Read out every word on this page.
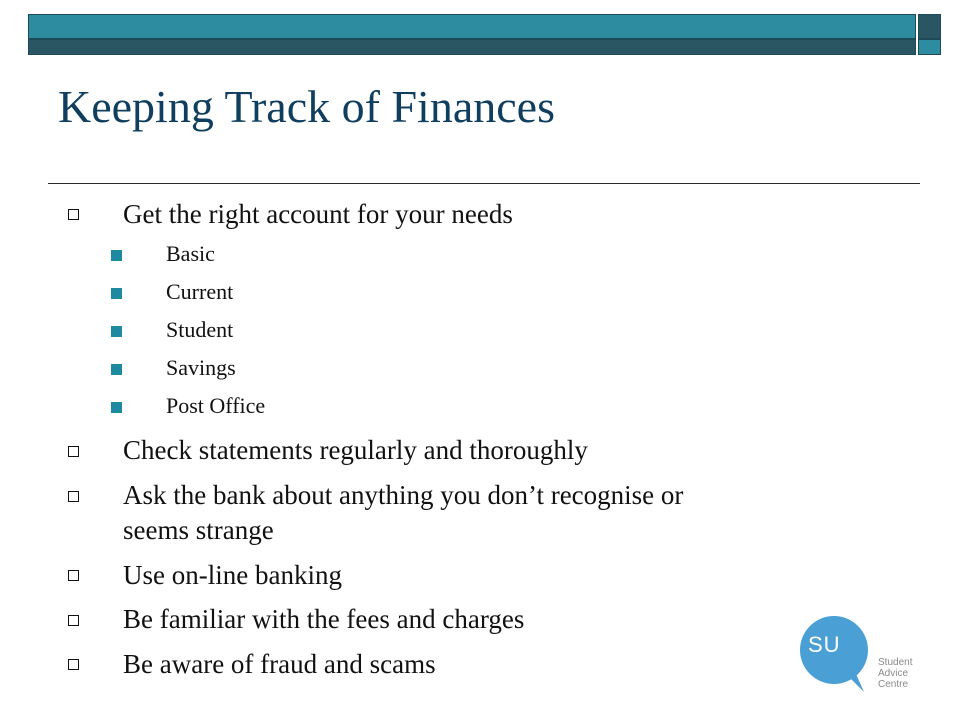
Keeping Track of Finances
Get the right account for your needs
Basic
Current
Student
Savings
Post Office
Check statements regularly and thoroughly
Ask the bank about anything you don’t recognise or
seems strange
Use on-line banking
Be familiar with the fees and charges
Be aware of fraud and scams
SU
Student
Advice
Centre
